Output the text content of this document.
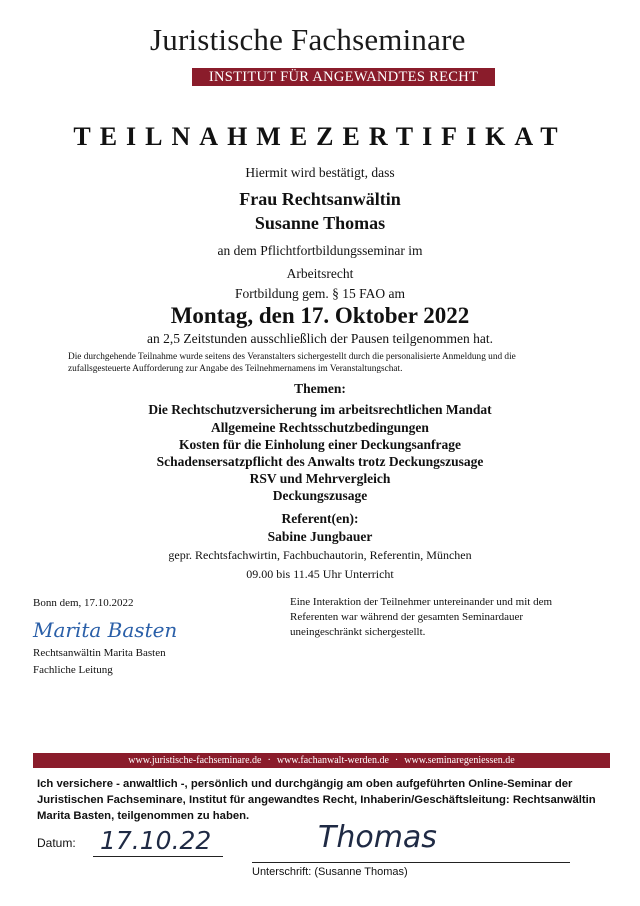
Juristische Fachseminare
INSTITUT FÜR ANGEWANDTES RECHT
TEILNAHMEZERTIFIKAT
Hiermit wird bestätigt, dass
Frau Rechtsanwältin
Susanne Thomas
an dem Pflichtfortbildungsseminar im
Arbeitsrecht
Fortbildung gem. § 15 FAO am
Montag, den 17. Oktober 2022
an 2,5 Zeitstunden ausschließlich der Pausen teilgenommen hat.
Die durchgehende Teilnahme wurde seitens des Veranstalters sichergestellt durch die personalisierte Anmeldung und die
zufallsgesteuerte Aufforderung zur Angabe des Teilnehmernamens im Veranstaltungschat.
Themen:
Die Rechtschutzversicherung im arbeitsrechtlichen Mandat
Allgemeine Rechtsschutzbedingungen
Kosten für die Einholung einer Deckungsanfrage
Schadensersatzpflicht des Anwalts trotz Deckungszusage
RSV und Mehrvergleich
Deckungszusage
Referent(en):
Sabine Jungbauer
gepr. Rechtsfachwirtin, Fachbuchautorin, Referentin, München
09.00 bis 11.45 Uhr Unterricht
Bonn dem, 17.10.2022
Marita Basten
Rechtsanwältin Marita Basten
Fachliche Leitung
Eine Interaktion der Teilnehmer untereinander und mit dem Referenten war während der gesamten Seminardauer uneingeschränkt sichergestellt.
www.juristische-fachseminare.de · www.fachanwalt-werden.de · www.seminaregeniessen.de
Ich versichere - anwaltlich -, persönlich und durchgängig am oben aufgeführten Online-Seminar der Juristischen Fachseminare, Institut für angewandtes Recht, Inhaberin/Geschäftsleitung: Rechtsanwältin Marita Basten, teilgenommen zu haben.
Datum: 17.10.22	Thomas
Unterschrift: (Susanne Thomas)
